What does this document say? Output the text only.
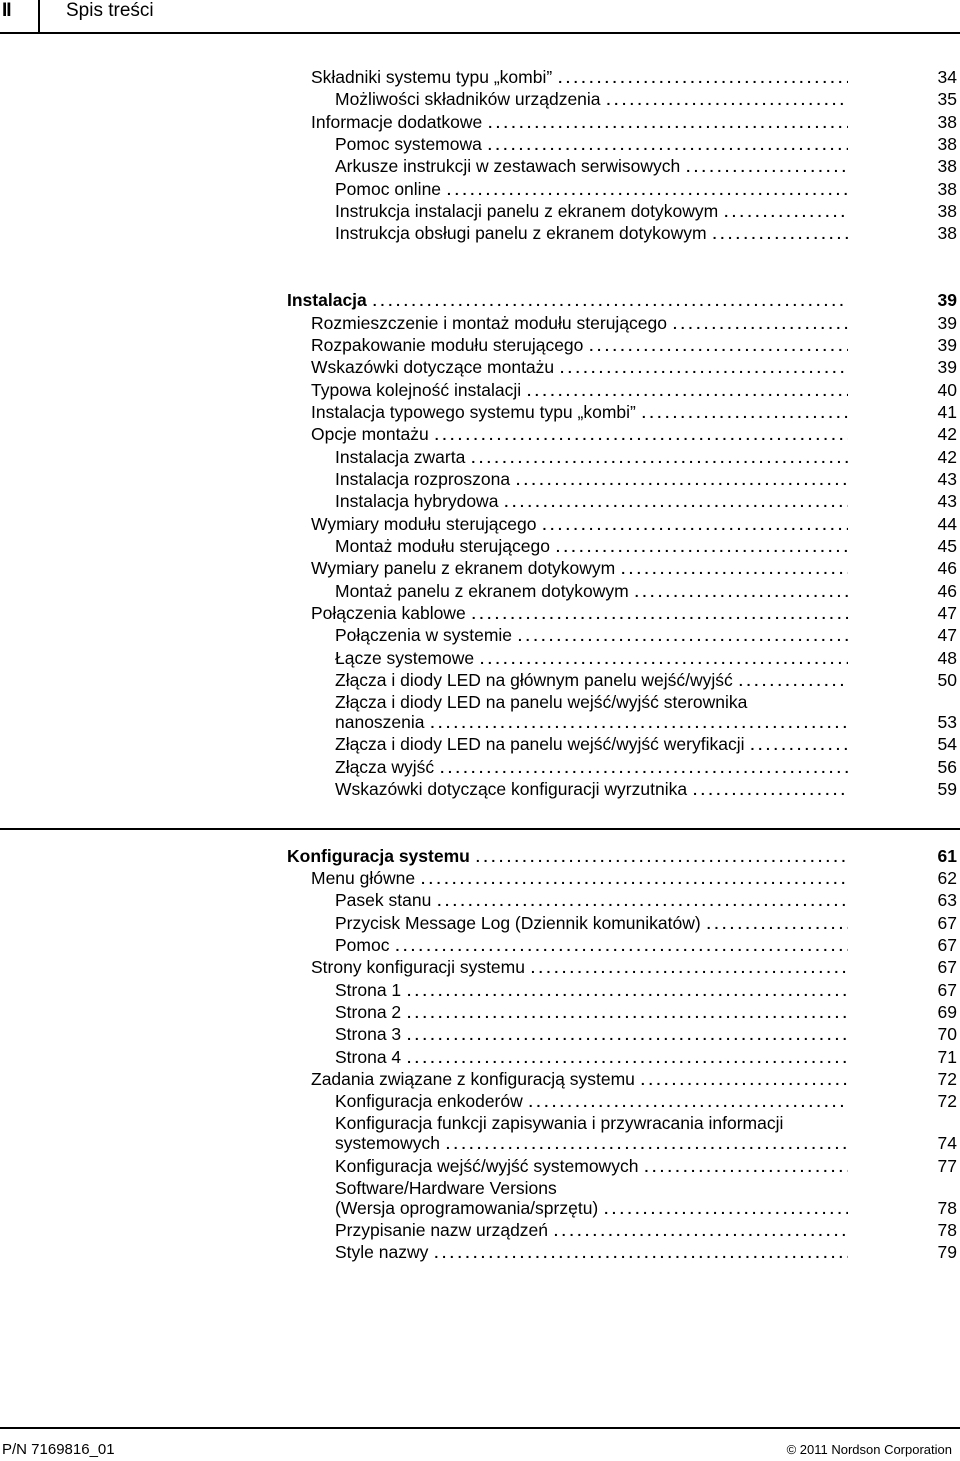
II	Spis treści
Składniki systemu typu „kombi” . . .	34
Możliwości składników urządzenia . . .	35
Informacje dodatkowe . . .	38
Pomoc systemowa . . .	38
Arkusze instrukcji w zestawach serwisowych . . .	38
Pomoc online . . .	38
Instrukcja instalacji panelu z ekranem dotykowym . . .	38
Instrukcja obsługi panelu z ekranem dotykowym . . .	38
Instalacja . . .	39
Rozmieszczenie i montaż modułu sterującego . . .	39
Rozpakowanie modułu sterującego . . .	39
Wskazówki dotyczące montażu . . .	39
Typowa kolejność instalacji . . .	40
Instalacja typowego systemu typu „kombi” . . .	41
Opcje montażu . . .	42
Instalacja zwarta . . .	42
Instalacja rozproszona . . .	43
Instalacja hybrydowa . . .	43
Wymiary modułu sterującego . . .	44
Montaż modułu sterującego . . .	45
Wymiary panelu z ekranem dotykowym . . .	46
Montaż panelu z ekranem dotykowym . . .	46
Połączenia kablowe . . .	47
Połączenia w systemie . . .	47
Łącze systemowe . . .	48
Złącza i diody LED na głównym panelu wejść/wyjść . . .	50
Złącza i diody LED na panelu wejść/wyjść sterownika
nanoszenia . . .	53
Złącza i diody LED na panelu wejść/wyjść weryfikacji . . .	54
Złącza wyjść . . .	56
Wskazówki dotyczące konfiguracji wyrzutnika . . .	59
Konfiguracja systemu . . .	61
Menu główne . . .	62
Pasek stanu . . .	63
Przycisk Message Log (Dziennik komunikatów) . . .	67
Pomoc . . .	67
Strony konfiguracji systemu . . .	67
Strona 1 . . .	67
Strona 2 . . .	69
Strona 3 . . .	70
Strona 4 . . .	71
Zadania związane z konfiguracją systemu . . .	72
Konfiguracja enkoderów . . .	72
Konfiguracja funkcji zapisywania i przywracania informacji
systemowych . . .	74
Konfiguracja wejść/wyjść systemowych . . .	77
Software/Hardware Versions
(Wersja oprogramowania/sprzętu) . . .	78
Przypisanie nazw urządzeń . . .	78
Style nazwy . . .	79
P/N 7169816_01	© 2011 Nordson Corporation
